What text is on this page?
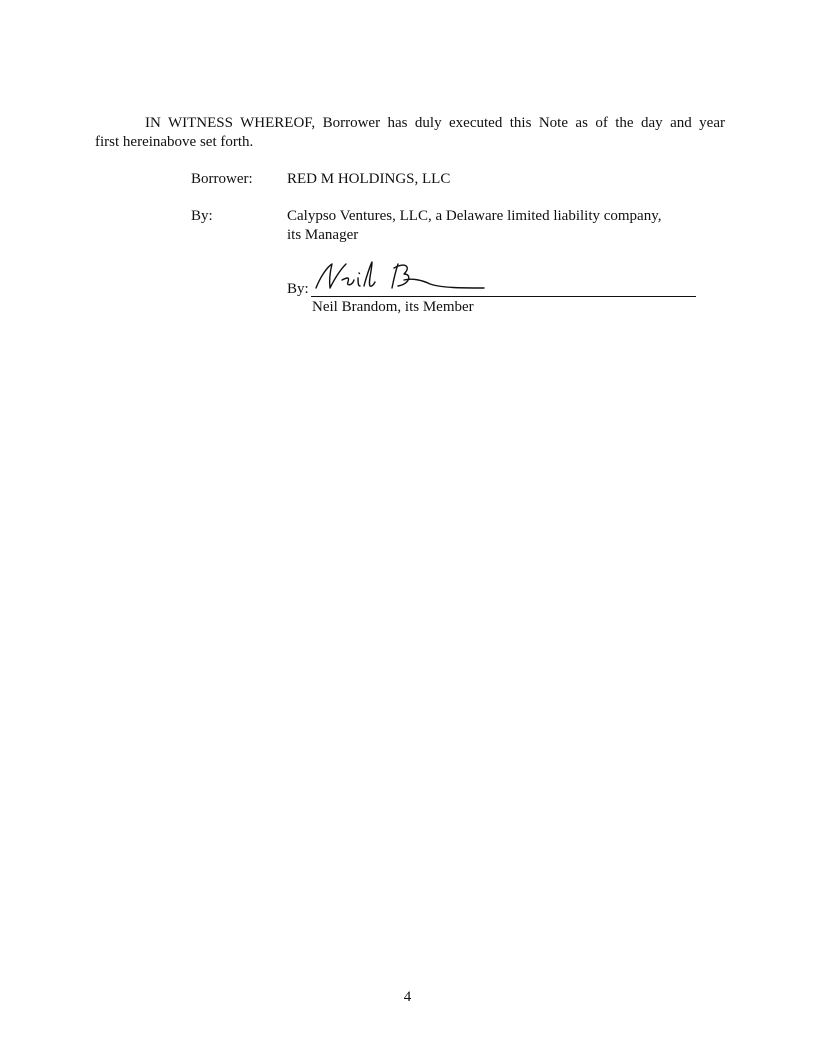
IN WITNESS WHEREOF, Borrower has duly executed this Note as of the day and year
first hereinabove set forth.

Borrower: RED M HOLDINGS, LLC

By:	Calypso Ventures, LLC, a Delaware limited liability company,

its Manager

By:

Neil Brandom, its Member

4
